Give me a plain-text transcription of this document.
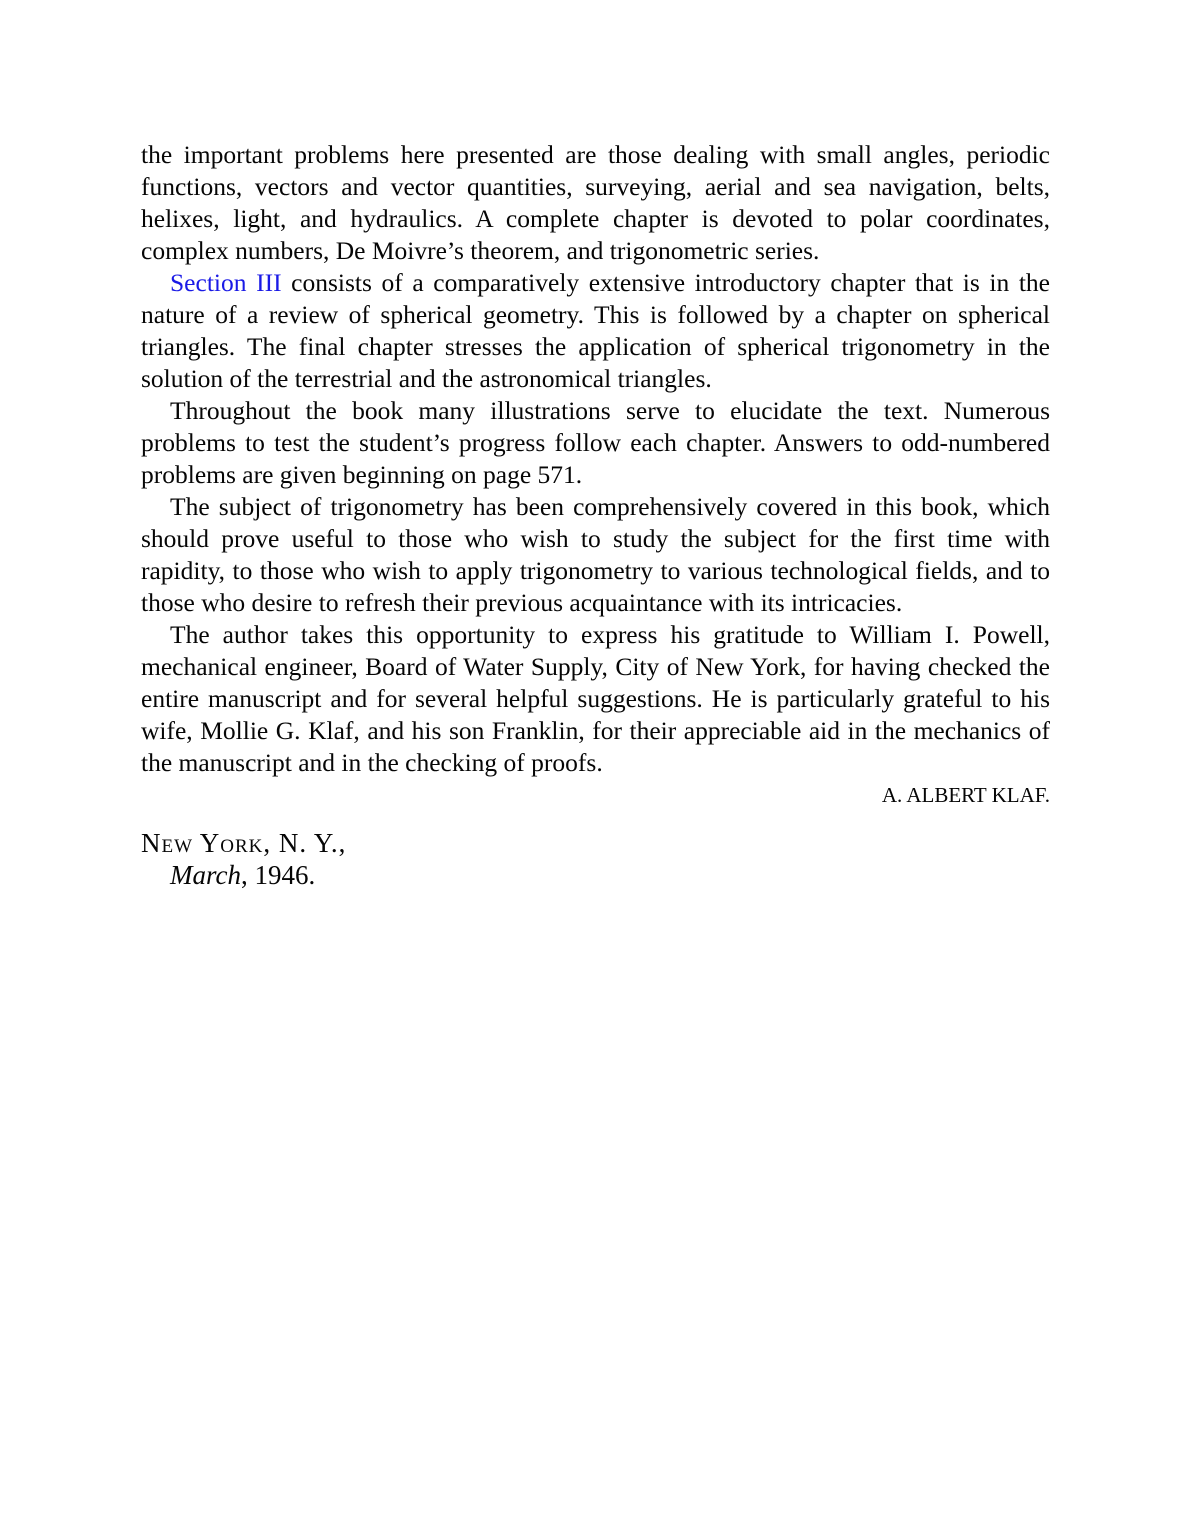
the important problems here presented are those dealing with small angles, periodic functions, vectors and vector quantities, surveying, aerial and sea navigation, belts, helixes, light, and hydraulics. A complete chapter is devoted to polar coordinates, complex numbers, De Moivre’s theorem, and trigonometric series.

Section III consists of a comparatively extensive introductory chapter that is in the nature of a review of spherical geometry. This is followed by a chapter on spherical triangles. The final chapter stresses the application of spherical trigonometry in the solution of the terrestrial and the astronomical triangles.

Throughout the book many illustrations serve to elucidate the text. Numerous problems to test the student’s progress follow each chapter. Answers to odd-numbered problems are given beginning on page 571.

The subject of trigonometry has been comprehensively covered in this book, which should prove useful to those who wish to study the subject for the first time with rapidity, to those who wish to apply trigonometry to various technological fields, and to those who desire to refresh their previous acquaintance with its intricacies.

The author takes this opportunity to express his gratitude to William I. Powell, mechanical engineer, Board of Water Supply, City of New York, for having checked the entire manuscript and for several helpful suggestions. He is particularly grateful to his wife, Mollie G. Klaf, and his son Franklin, for their appreciable aid in the mechanics of the manuscript and in the checking of proofs.

A. ALBERT KLAF.

New York, N. Y.,

March, 1946.
